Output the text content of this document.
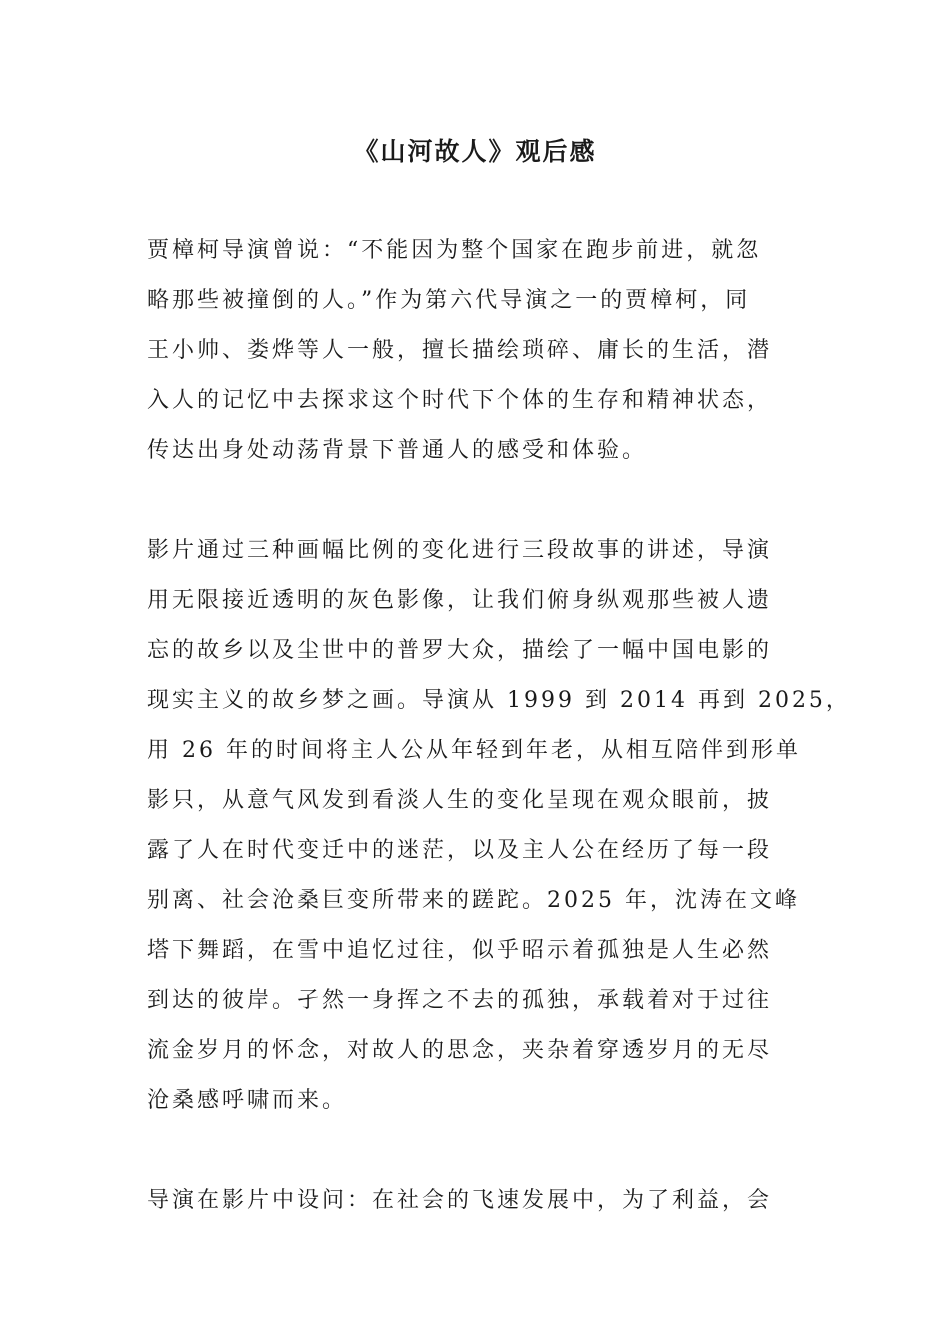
《山河故人》观后感

贾樟柯导演曾说：“不能因为整个国家在跑步前进，就忽
略那些被撞倒的人。”作为第六代导演之一的贾樟柯，同
王小帅、娄烨等人一般，擅长描绘琐碎、庸长的生活，潜
入人的记忆中去探求这个时代下个体的生存和精神状态，
传达出身处动荡背景下普通人的感受和体验。

影片通过三种画幅比例的变化进行三段故事的讲述，导演
用无限接近透明的灰色影像，让我们俯身纵观那些被人遗
忘的故乡以及尘世中的普罗大众，描绘了一幅中国电影的
现实主义的故乡梦之画。导演从 1999 到 2014 再到 2025，
用 26 年的时间将主人公从年轻到年老，从相互陪伴到形单
影只，从意气风发到看淡人生的变化呈现在观众眼前，披
露了人在时代变迁中的迷茫，以及主人公在经历了每一段
别离、社会沧桑巨变所带来的蹉跎。2025 年，沈涛在文峰
塔下舞蹈，在雪中追忆过往，似乎昭示着孤独是人生必然
到达的彼岸。孑然一身挥之不去的孤独，承载着对于过往
流金岁月的怀念，对故人的思念，夹杂着穿透岁月的无尽
沧桑感呼啸而来。

导演在影片中设问：在社会的飞速发展中，为了利益，会
